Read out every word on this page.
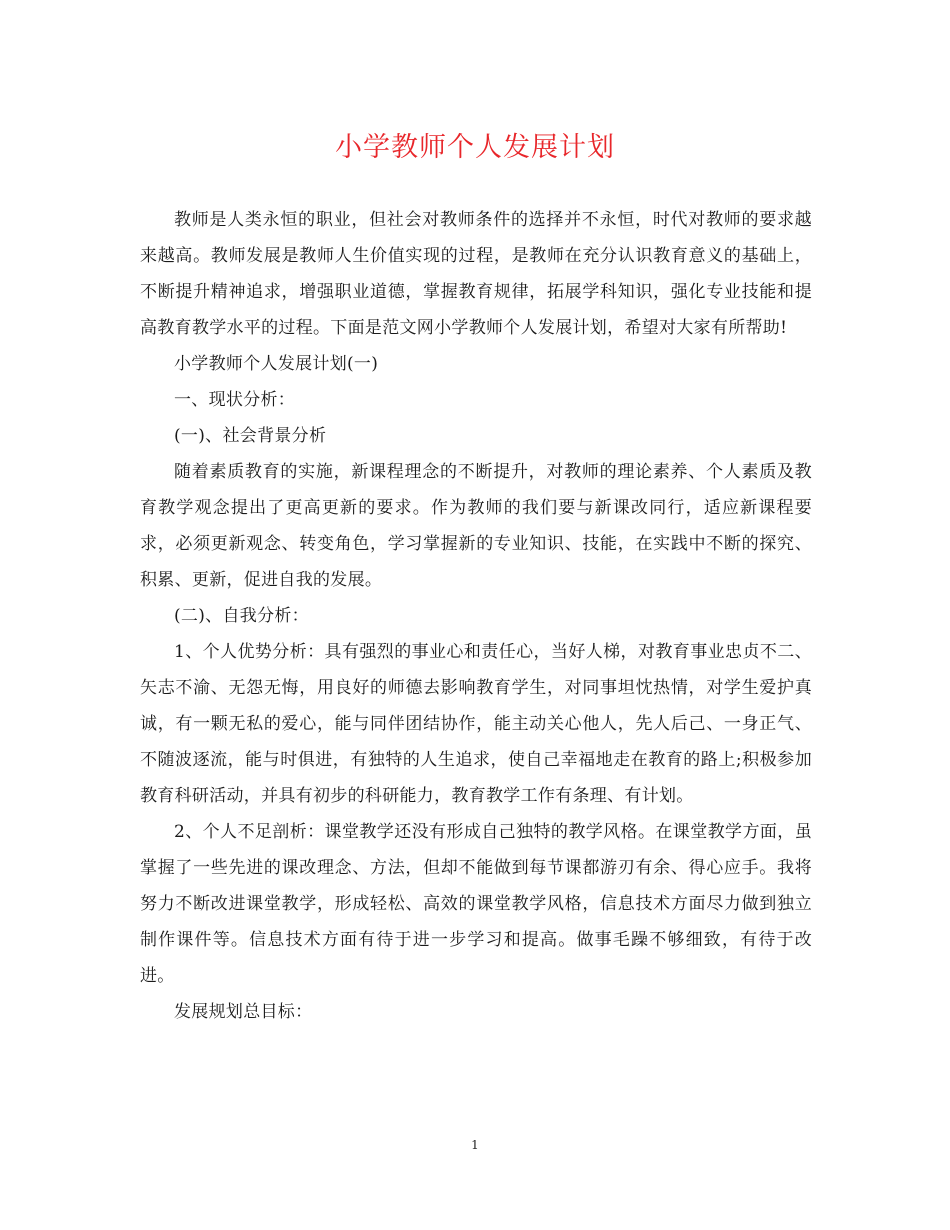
小学教师个人发展计划

教师是人类永恒的职业，但社会对教师条件的选择并不永恒，时代对教师的要求越来越高。教师发展是教师人生价值实现的过程，是教师在充分认识教育意义的基础上，不断提升精神追求，增强职业道德，掌握教育规律，拓展学科知识，强化专业技能和提高教育教学水平的过程。下面是范文网小学教师个人发展计划，希望对大家有所帮助!

小学教师个人发展计划(一)

一、现状分析：

(一)、社会背景分析

随着素质教育的实施，新课程理念的不断提升，对教师的理论素养、个人素质及教育教学观念提出了更高更新的要求。作为教师的我们要与新课改同行，适应新课程要求，必须更新观念、转变角色，学习掌握新的专业知识、技能，在实践中不断的探究、积累、更新，促进自我的发展。

(二)、自我分析：

1、个人优势分析：具有强烈的事业心和责任心，当好人梯，对教育事业忠贞不二、矢志不渝、无怨无悔，用良好的师德去影响教育学生，对同事坦忱热情，对学生爱护真诚，有一颗无私的爱心，能与同伴团结协作，能主动关心他人，先人后己、一身正气、不随波逐流，能与时俱进，有独特的人生追求，使自己幸福地走在教育的路上;积极参加教育科研活动，并具有初步的科研能力，教育教学工作有条理、有计划。

2、个人不足剖析：课堂教学还没有形成自己独特的教学风格。在课堂教学方面，虽掌握了一些先进的课改理念、方法，但却不能做到每节课都游刃有余、得心应手。我将努力不断改进课堂教学，形成轻松、高效的课堂教学风格，信息技术方面尽力做到独立制作课件等。信息技术方面有待于进一步学习和提高。做事毛躁不够细致，有待于改进。

发展规划总目标：

1
